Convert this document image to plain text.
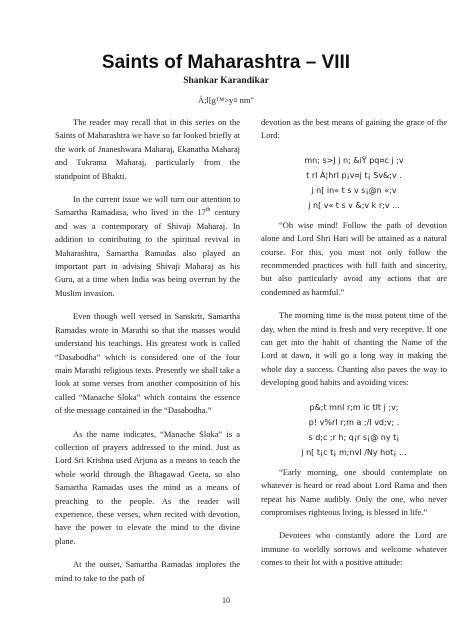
Saints of Maharashtra – VIII
Shankar Karandikar
À;l[g™>y¤ nm"

The reader may recall that in this series on the Saints of Maharashtra we have so far looked briefly at the work of Jnaneshwara Maharaj, Ekanatha Maharaj and Tukrama Maharaj, particularly from the standpoint of Bhakti.

In the current issue we will turn our attention to Samartha Ramadasa, who lived in the 17th century and was a contemporary of Shivaji Maharaj. In addition to contributing to the spiritual revival in Maharashtra, Samartha Ramadas also played an important part in advising Shivaji Maharaj as his Guru, at a time when India was being overrun by the Muslim invasion.

Even though well versed in Sanskrit, Samartha Ramadas wrote in Marathi so that the masses would understand his teachings. His greatest work is called “Dasabodha” which is considered one of the four main Marathi religious texts. Presently we shall take a look at some verses from another composition of his called “Manache Sloka” which contains the essence of the message contained in the “Dasabodha.”

As the name indicates, “Manache Sloka” is a collection of prayers addressed to the mind. Just as Lord Sri Krishna used Arjuna as a means to teach the whole world through the Bhagawad Geeta, so also Samartha Ramadas uses the mind as a means of preaching to the people. As the reader will experience, these verses, when recited with devotion, have the power to elevate the mind to the divine plane.

At the outset, Samartha Ramadas implores the mind to take to the path of

devotion as the best means of gaining the grace of the Lord:

mn; s>J j n; &iŸ pq¤c j ;v
t rI À¦hrI p¡v¤j t¡ Sv&;v .
j n[ in« t s v s¡@n «;v
j n[ v« t s v &;v k r;v ...

“Oh wise mind! Follow the path of devotion alone and Lord Shri Hari will be attained as a natural course. For this, you must not only follow the recommended practices with full faith and sincerity, but also particularly avoid any actions that are condemned as harmful.”

The morning time is the most potent time of the day, when the mind is fresh and very receptive. If one can get into the habit of chanting the Name of the Lord at dawn, it will go a long way in making the whole day a success. Chanting also paves the way to developing good habits and avoiding vices:

p&;t mnI r;m ic tIt j ;v;
p! v%rI r;m a ;/I vd;v; .
s d;c ;r h; q¡r s¡@ ny t¡
j n[ t¡c t¡ m;nvI /Ny hot¡ ...

“Early morning, one should contemplate on whatever is heard or read about Lord Rama and then repeat his Name audibly. Only the one, who never compromises righteous living, is blessed in life.”

Devotees who constantly adore the Lord are immune to worldly sorrows and welcome whatever comes to their lot with a positive attitude:

10
